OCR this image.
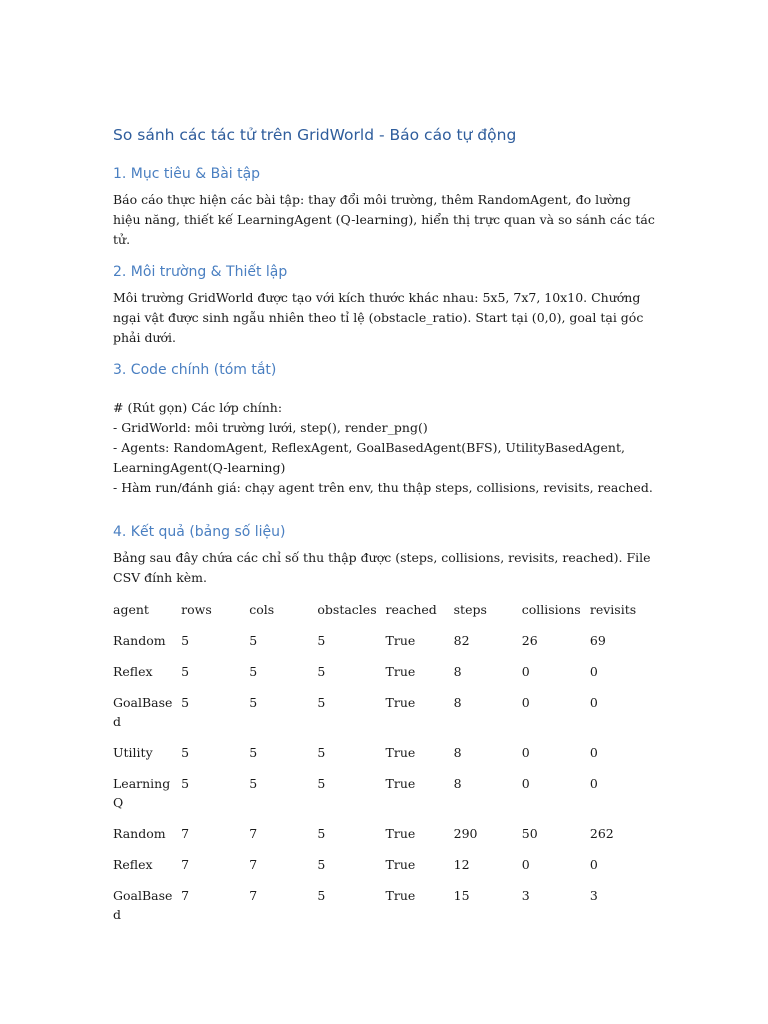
So sánh các tác tử trên GridWorld - Báo cáo tự động
1. Mục tiêu & Bài tập

Báo cáo thực hiện các bài tập: thay đổi môi trường, thêm RandomAgent, đo lường hiệu năng, thiết kế LearningAgent (Q-learning), hiển thị trực quan và so sánh các tác tử.

2. Môi trường & Thiết lập

Môi trường GridWorld được tạo với kích thước khác nhau: 5x5, 7x7, 10x10. Chướng ngại vật được sinh ngẫu nhiên theo tỉ lệ (obstacle_ratio). Start tại (0,0), goal tại góc phải dưới.

3. Code chính (tóm tắt)
# (Rút gọn) Các lớp chính:
- GridWorld: môi trường lưới, step(), render_png()
- Agents: RandomAgent, ReflexAgent, GoalBasedAgent(BFS), UtilityBasedAgent, LearningAgent(Q-learning)
- Hàm run/đánh giá: chạy agent trên env, thu thập steps, collisions, revisits, reached.
4. Kết quả (bảng số liệu)

Bảng sau đây chứa các chỉ số thu thập được (steps, collisions, revisits, reached). File CSV đính kèm.

agent	rows	cols	obstacles	reached	steps	collisions	revisits
Random	5	5	5	True	82	26	69
Reflex	5	5	5	True	8	0	0
GoalBased	5	5	5	True	8	0	0
Utility	5	5	5	True	8	0	0
LearningQ	5	5	5	True	8	0	0
Random	7	7	5	True	290	50	262
Reflex	7	7	5	True	12	0	0
GoalBased	7	7	5	True	15	3	3
